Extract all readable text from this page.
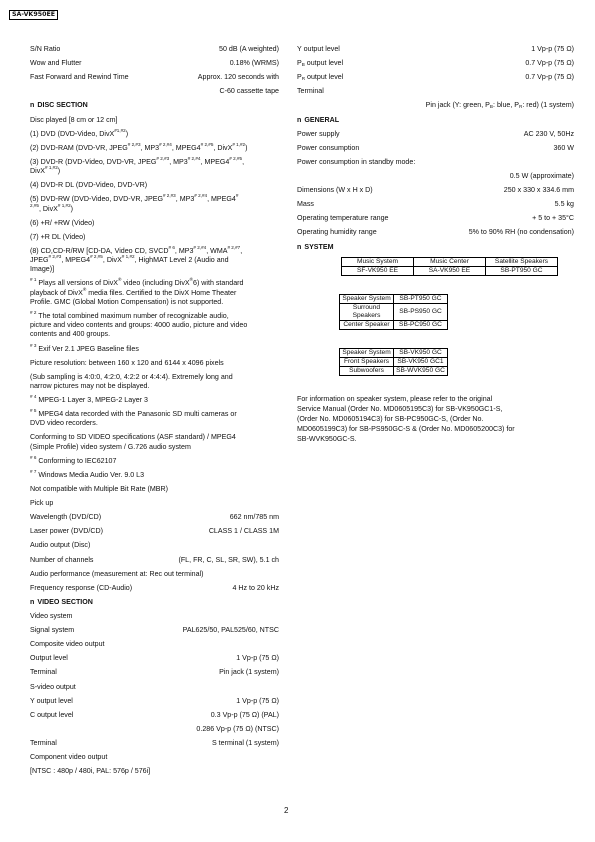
SA-VK950EE
S/N Ratio	50 dB (A weighted)
Wow and Flutter	0.18% (WRMS)
Fast Forward and Rewind Time	Approx. 120 seconds with
C-60 cassette tape
n DISC SECTION
Disc played [8 cm or 12 cm]
(1) DVD (DVD-Video, DivX$^{\#1,\#2}$)
(2) DVD-RAM (DVD-VR, $JPEG^{\# 2,\#3}$, $MP3^{\# 2,\#4}$, $MPEG4^{\# 2,\#5}$, DivX$^{\# 1,\#2}$)
(3) DVD-R (DVD-Video, DVD-VR, $JPEG^{\# 2,\#3}$, $MP3^{\# 2,\#4}$, $MPEG4^{\# 2,\#5}$,
DivX$^{\# 1,\#2}$)
(4) DVD-R DL (DVD-Video, DVD-VR)
(5) DVD-RW (DVD-Video, DVD-VR, $JPEG^{\# 2,\#3}$, $MP3^{\# 2,\#4}$, MPEG4#
$^{2,\#5}$, DivX$^{\# 1,\#2}$)
(6) +R/ +RW (Video)
(7) +R DL (Video)
(8) CD,CD-R/RW [CD-DA, Video CD, SVCD$^{\# 6}$, $MP3^{\# 2,\#4}$, $WMA^{\# 2,\#7}$,
$JPEG^{\# 2,\#3}$, $MPEG4^{\# 2,\#5}$, DivX$^{\# 1,\#2}$, HighMAT Level 2 (Audio and
Image)]
$^{\# 1}$ Plays all versions of DivX® video (including DivX®6) with standard
playback of DivX® media files. Certified to the DivX Home Theater
Profile. GMC (Global Motion Compensation) is not supported.
$^{\# 2}$ The total combined maximum number of recognizable audio,
picture and video contents and groups: 4000 audio, picture and video
contents and 400 groups.
$^{\# 3}$ Exif Ver 2.1 JPEG Baseline files
Picture resolution: between 160 x 120 and 6144 x 4096 pixels
(Sub sampling is 4:0:0, 4:2:0, 4:2:2 or 4:4:4). Extremely long and
narrow pictures may not be displayed.
$^{\# 4}$ MPEG-1 Layer 3, MPEG-2 Layer 3
$^{\# 5}$ MPEG4 data recorded with the Panasonic SD multi cameras or
DVD video recorders.
Conforming to SD VIDEO specifications (ASF standard) / MPEG4
(Simple Profile) video system / G.726 audio system
$^{\# 6}$ Conforming to IEC62107
$^{\# 7}$ Windows Media Audio Ver. 9.0 L3
Not compatible with Multiple Bit Rate (MBR)
Pick up
Wavelength (DVD/CD)	662 nm/785 nm
Laser power (DVD/CD)	CLASS 1 / CLASS 1M
Audio output (Disc)
Number of channels	(FL, FR, C, SL, SR, SW), 5.1 ch
Audio performance (measurement at: Rec out terminal)
Frequency response (CD-Audio)	4 Hz to 20 kHz
n VIDEO SECTION
Video system
Signal system	PAL625/50, PAL525/60, NTSC
Composite video output
Output level	1 Vp-p (75 Ω)
Terminal	Pin jack (1 system)
S-video output
Y output level	1 Vp-p (75 Ω)
C output level	0.3 Vp-p (75 Ω) (PAL)
0.286 Vp-p (75 Ω) (NTSC)
Terminal	S terminal (1 system)
Component video output
[NTSC : 480p / 480i, PAL: 576p / 576i]
Y output level	1 Vp-p (75 Ω)
$P_B$ output level	0.7 Vp-p (75 Ω)
$P_R$ output level	0.7 Vp-p (75 Ω)
Terminal
Pin jack (Y: green, $P_B$: blue, $P_R$: red) (1 system)
n GENERAL
Power supply	AC 230 V, 50Hz
Power consumption	360 W
Power consumption in standby mode:
0.5 W (approximate)
Dimensions (W x H x D)	250 x 330 x 334.6 mm
Mass	5.5 kg
Operating temperature range	+ 5 to + 35°C
Operating humidity range	5% to 90% RH (no condensation)
n SYSTEM
Music System	Music Center	Satellite Speakers
SF-VK950 EE	SA-VK950 EE	SB-PT950 GC
Speaker System	SB-PT950 GC
Surround Speakers	SB-PS950 GC
Center Speaker	SB-PC950 GC
Speaker System	SB-VK950 GC
Front Speakers	SB-VK950 GC1
Subwoofers	SB-WVK950 GC
For information on speaker system, please refer to the original
Service Manual (Order No. MD0605195C3) for SB-VK950GC1-S,
(Order No. MD0605194C3) for SB-PC950GC-S, (Order No.
MD0605199C3) for SB-PS950GC-S & (Order No. MD0605200C3) for
SB-WVK950GC-S.
2
